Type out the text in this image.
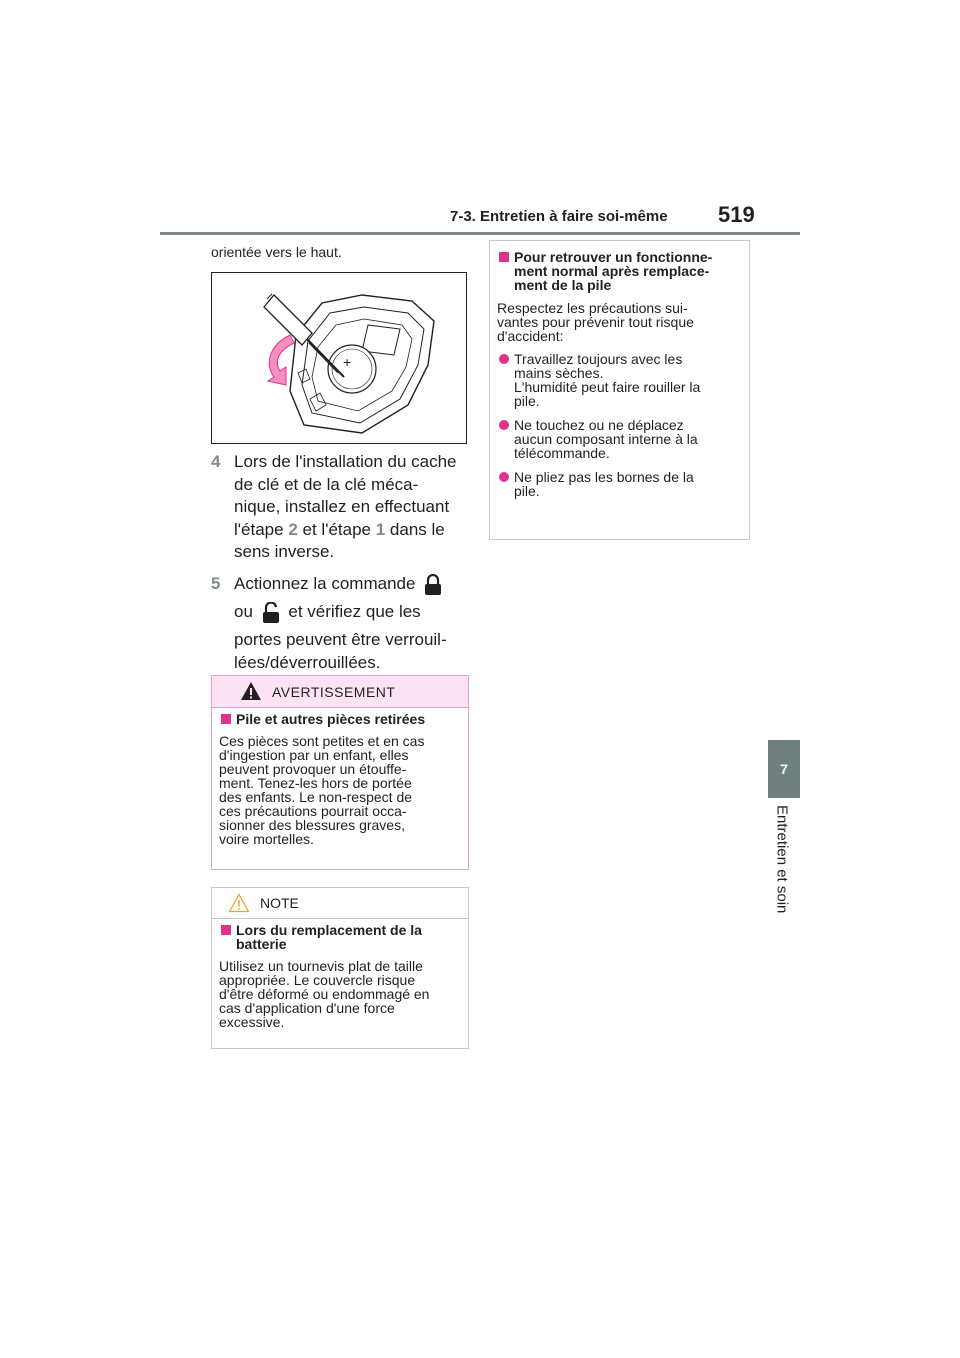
7-3. Entretien à faire soi-même 519
7
Entretien et soin
orientée vers le haut.
+
4 Lors de l'installation du cache
de clé et de la clé méca-
nique, installez en effectuant
l'étape 2 et l'étape 1 dans le
sens inverse.
5 Actionnez la commande
ou et vérifiez que les
portes peuvent être verrouil-
lées/déverrouillées.
AVERTISSEMENT
Pile et autres pièces retirées
Ces pièces sont petites et en cas
d'ingestion par un enfant, elles
peuvent provoquer un étouffe-
ment. Tenez-les hors de portée
des enfants. Le non-respect de
ces précautions pourrait occa-
sionner des blessures graves,
voire mortelles.
NOTE
Lors du remplacement de la
batterie
Utilisez un tournevis plat de taille
appropriée. Le couvercle risque
d'être déformé ou endommagé en
cas d'application d'une force
excessive.
Pour retrouver un fonctionne-
ment normal après remplace-
ment de la pile
Respectez les précautions sui-
vantes pour prévenir tout risque
d'accident:
Travaillez toujours avec les
mains sèches.
L'humidité peut faire rouiller la
pile.
Ne touchez ou ne déplacez
aucun composant interne à la
télécommande.
Ne pliez pas les bornes de la
pile.
